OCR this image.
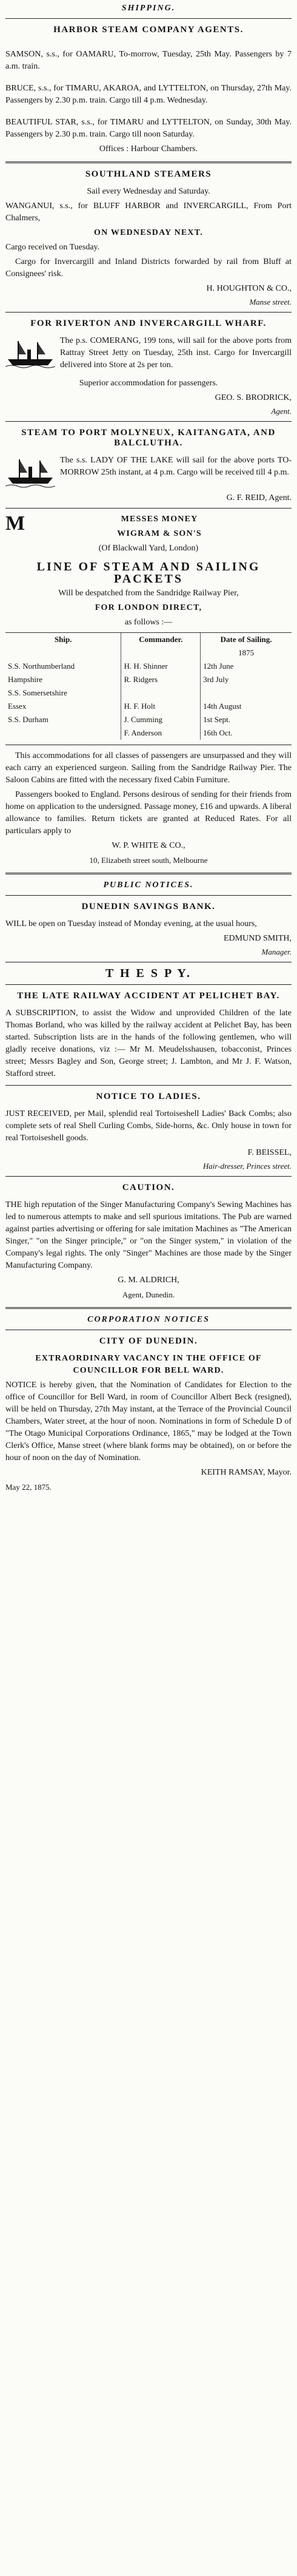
SHIPPING.
HARBOR STEAM COMPANY AGENTS.

SAMSON, s.s., for OAMARU, To-morrow, Tuesday, 25th May. Passengers by 7 a.m. train.

BRUCE, s.s., for TIMARU, AKAROA, and LYTTELTON, on Thursday, 27th May. Passengers by 2.30 p.m. train. Cargo till 4 p.m. Wednesday.

BEAUTIFUL STAR, s.s., for TIMARU and LYTTELTON, on Sunday, 30th May. Passengers by 2.30 p.m. train. Cargo till noon Saturday.

Offices : Harbour Chambers.

SOUTHLAND STEAMERS

Sail every Wednesday and Saturday.

WANGANUI, s.s., for BLUFF HARBOR and INVERCARGILL, From Port Chalmers,

ON WEDNESDAY NEXT.

Cargo received on Tuesday.

Cargo for Invercargill and Inland Districts forwarded by rail from Bluff at Consignees' risk.

H. HOUGHTON & CO.,
Manse street.
FOR RIVERTON AND INVERCARGILL WHARF.

The p.s. COMERANG, 199 tons, will sail for the above ports from Rattray Street Jetty on Tuesday, 25th inst. Cargo for Invercargill delivered into Store at 2s per ton.

Superior accommodation for passengers.

GEO. S. BRODRICK,
Agent.
STEAM TO PORT MOLYNEUX, KAITANGATA, AND BALCLUTHA.

The s.s. LADY OF THE LAKE will sail for the above ports TO-MORROW 25th instant, at 4 p.m. Cargo will be received till 4 p.m.

G. F. REID, Agent.
M	MESSES MONEY
WIGRAM & SON'S
(Of Blackwall Yard, London)
LINE OF STEAM AND SAILING PACKETS
Will be despatched from the Sandridge Railway Pier,
FOR LONDON DIRECT,
as follows :—
Ship.	Commander.	Date of Sailing.
		1875
S.S. Northumberland	H. H. Shinner	12th June
Hampshire	R. Ridgers	3rd July
S.S. Somersetshire		
Essex	H. F. Holt	14th August
S.S. Durham	J. Cumming	1st Sept.
	F. Anderson	16th Oct.

This accommodations for all classes of passengers are unsurpassed and they will each carry an experienced surgeon. Sailing from the Sandridge Railway Pier. The Saloon Cabins are fitted with the necessary fixed Cabin Furniture.

Passengers booked to England. Persons desirous of sending for their friends from home on application to the undersigned. Passage money, £16 and upwards. A liberal allowance to families. Return tickets are granted at Reduced Rates. For all particulars apply to

W. P. WHITE & CO.,
10, Elizabeth street south, Melbourne
PUBLIC NOTICES.
DUNEDIN SAVINGS BANK.

WILL be open on Tuesday instead of Monday evening, at the usual hours,

EDMUND SMITH,
Manager.
T H E S P Y.
THE LATE RAILWAY ACCIDENT AT PELICHET BAY.

A SUBSCRIPTION, to assist the Widow and unprovided Children of the late Thomas Borland, who was killed by the railway accident at Pelichet Bay, has been started. Subscription lists are in the hands of the following gentlemen, who will gladly receive donations, viz :— Mr M. Meudelsshausen, tobacconist, Princes street; Messrs Bagley and Son, George street; J. Lambton, and Mr J. F. Watson, Stafford street.

NOTICE TO LADIES.

JUST RECEIVED, per Mail, splendid real Tortoiseshell Ladies' Back Combs; also complete sets of real Shell Curling Combs, Side-horns, &c. Only house in town for real Tortoiseshell goods.

F. BEISSEL,
Hair-dresser, Princes street.
CAUTION.

THE high reputation of the Singer Manufacturing Company's Sewing Machines has led to numerous attempts to make and sell spurious imitations. The Pub are warned against parties advertising or offering for sale imitation Machines as "The American Singer," "on the Singer principle," or "on the Singer system," in violation of the Company's legal rights. The only "Singer" Machines are those made by the Singer Manufacturing Company.

G. M. ALDRICH,
Agent, Dunedin.
CORPORATION NOTICES
CITY OF DUNEDIN.
EXTRAORDINARY VACANCY IN THE OFFICE OF COUNCILLOR FOR BELL WARD.

NOTICE is hereby given, that the Nomination of Candidates for Election to the office of Councillor for Bell Ward, in room of Councillor Albert Beck (resigned), will be held on Thursday, 27th May instant, at the Terrace of the Provincial Council Chambers, Water street, at the hour of noon. Nominations in form of Schedule D of "The Otago Municipal Corporations Ordinance, 1865," may be lodged at the Town Clerk's Office, Manse street (where blank forms may be obtained), on or before the hour of noon on the day of Nomination.

KEITH RAMSAY, Mayor.
May 22, 1875.
